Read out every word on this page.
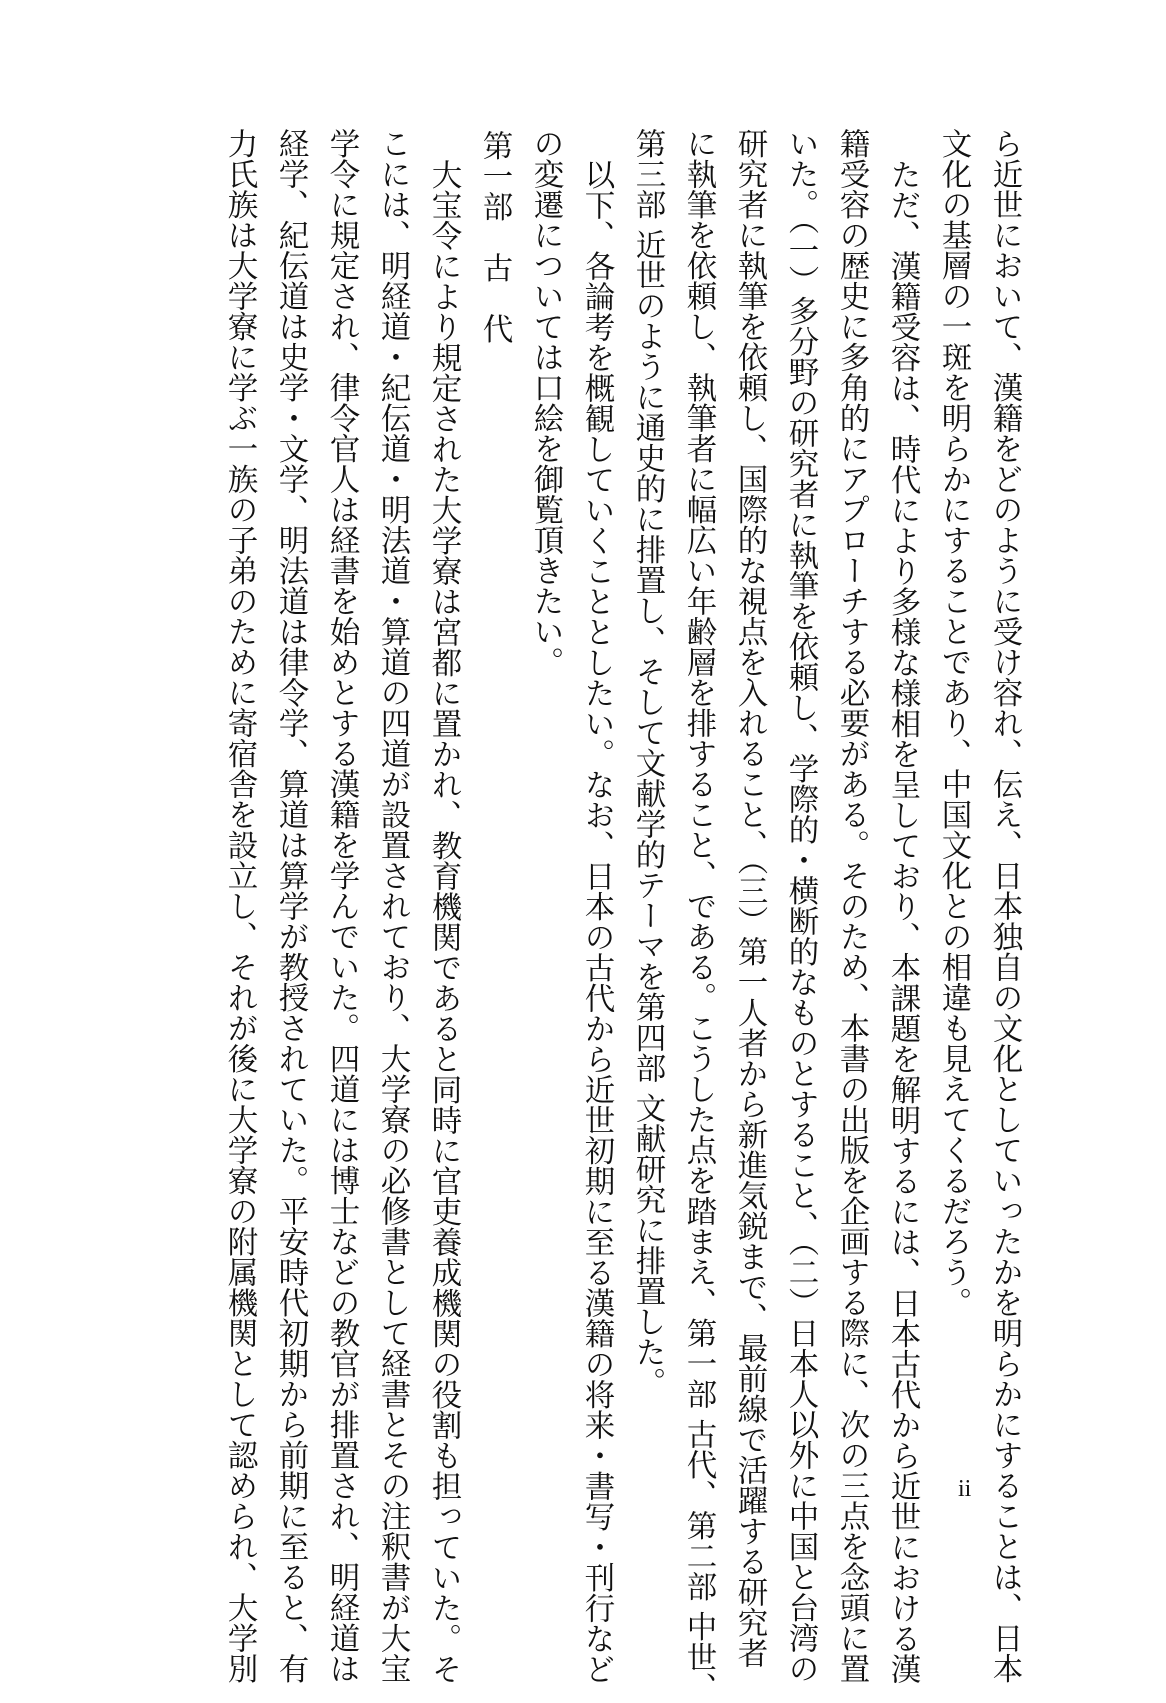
ら近世において、漢籍をどのように受け容れ、伝え、日本独自の文化としていったかを明らかにすることは、日本
文化の基層の一斑を明らかにすることであり、中国文化との相違も見えてくるだろう。
ただ、漢籍受容は、時代により多様な様相を呈しており、本課題を解明するには、日本古代から近世における漢
籍受容の歴史に多角的にアプローチする必要がある。そのため、本書の出版を企画する際に、次の三点を念頭に置
いた。（一）多分野の研究者に執筆を依頼し、学際的・横断的なものとすること、（二）日本人以外に中国と台湾の
研究者に執筆を依頼し、国際的な視点を入れること、（三）第一人者から新進気鋭まで、最前線で活躍する研究者
に執筆を依頼し、執筆者に幅広い年齢層を排すること、である。こうした点を踏まえ、第一部 古代、第二部 中世、
第三部 近世のように通史的に排置し、そして文献学的テーマを第四部 文献研究に排置した。
以下、各論考を概観していくこととしたい。なお、日本の古代から近世初期に至る漢籍の将来・書写・刊行など
の変遷については口絵を御覧頂きたい。
第一部　古　代
大宝令により規定された大学寮は宮都に置かれ、教育機関であると同時に官吏養成機関の役割も担っていた。そ
こには、明経道・紀伝道・明法道・算道の四道が設置されており、大学寮の必修書として経書とその注釈書が大宝
学令に規定され、律令官人は経書を始めとする漢籍を学んでいた。四道には博士などの教官が排置され、明経道は
経学、紀伝道は史学・文学、明法道は律令学、算道は算学が教授されていた。平安時代初期から前期に至ると、有
力氏族は大学寮に学ぶ一族の子弟のために寄宿舎を設立し、それが後に大学寮の附属機関として認められ、大学別	ii
